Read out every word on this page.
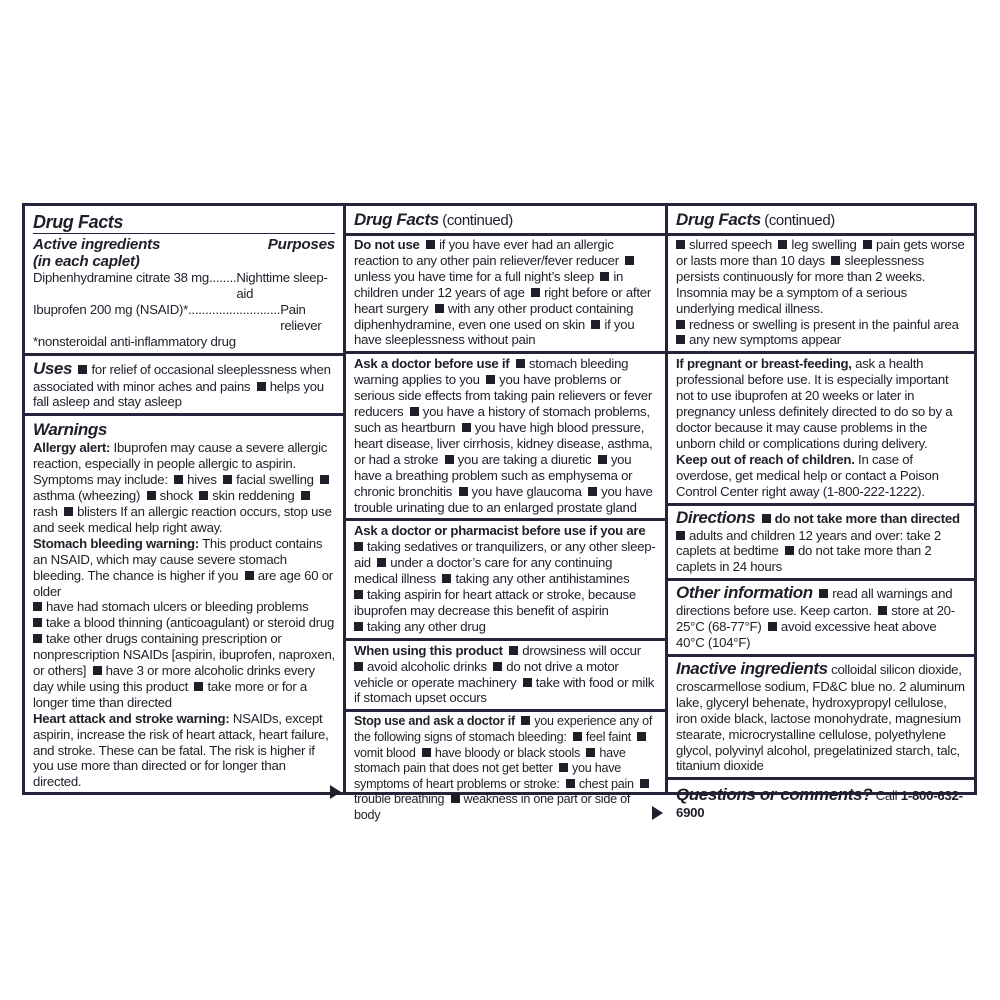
Drug Facts
Active ingredients	Purposes
(in each caplet)
Diphenhydramine citrate 38 mg........ Nighttime sleep-aid
Ibuprofen 200 mg (NSAID)*........................... Pain reliever
*nonsteroidal anti-inflammatory drug
Uses for relief of occasional sleeplessness when associated with minor aches and pains helps you fall asleep and stay asleep
Warnings

Allergy alert: Ibuprofen may cause a severe allergic reaction, especially in people allergic to aspirin. Symptoms may include: hives facial swelling asthma (wheezing) shock skin reddening rash blisters If an allergic reaction occurs, stop use and seek medical help right away.

Stomach bleeding warning: This product contains an NSAID, which may cause severe stomach bleeding. The chance is higher if you are age 60 or older
have had stomach ulcers or bleeding problems
take a blood thinning (anticoagulant) or steroid drug
take other drugs containing prescription or nonprescription NSAIDs [aspirin, ibuprofen, naproxen, or others] have 3 or more alcoholic drinks every day while using this product take more or for a longer time than directed

Heart attack and stroke warning: NSAIDs, except aspirin, increase the risk of heart attack, heart failure, and stroke. These can be fatal. The risk is higher if you use more than directed or for longer than directed.

Drug Facts (continued)
Do not use if you have ever had an allergic reaction to any other pain reliever/fever reducer unless you have time for a full night’s sleep in children under 12 years of age right before or after heart surgery with any other product containing diphenhydramine, even one used on skin if you have sleeplessness without pain
Ask a doctor before use if stomach bleeding warning applies to you you have problems or serious side effects from taking pain relievers or fever reducers you have a history of stomach problems, such as heartburn you have high blood pressure, heart disease, liver cirrhosis, kidney disease, asthma, or had a stroke you are taking a diuretic you have a breathing problem such as emphysema or chronic bronchitis you have glaucoma you have trouble urinating due to an enlarged prostate gland
Ask a doctor or pharmacist before use if you are
taking sedatives or tranquilizers, or any other sleep-aid under a doctor’s care for any continuing medical illness taking any other antihistamines
taking aspirin for heart attack or stroke, because ibuprofen may decrease this benefit of aspirin
taking any other drug
When using this product drowsiness will occur
avoid alcoholic drinks do not drive a motor vehicle or operate machinery take with food or milk if stomach upset occurs
Stop use and ask a doctor if you experience any of the following signs of stomach bleeding: feel faint vomit blood have bloody or black stools have stomach pain that does not get better you have symptoms of heart problems or stroke: chest pain trouble breathing weakness in one part or side of body
Drug Facts (continued)
slurred speech leg swelling pain gets worse or lasts more than 10 days sleeplessness persists continuously for more than 2 weeks. Insomnia may be a symptom of a serious underlying medical illness.
redness or swelling is present in the painful area
any new symptoms appear

If pregnant or breast-feeding, ask a health professional before use. It is especially important not to use ibuprofen at 20 weeks or later in pregnancy unless definitely directed to do so by a doctor because it may cause problems in the unborn child or complications during delivery.

Keep out of reach of children. In case of overdose, get medical help or contact a Poison Control Center right away (1-800-222-1222).

Directions do not take more than directed
adults and children 12 years and over: take 2 caplets at bedtime do not take more than 2 caplets in 24 hours
Other information read all warnings and directions before use. Keep carton. store at 20-25°C (68-77°F) avoid excessive heat above 40°C (104°F)
Inactive ingredients colloidal silicon dioxide, croscarmellose sodium, FD&C blue no. 2 aluminum lake, glyceryl behenate, hydroxypropyl cellulose, iron oxide black, lactose monohydrate, magnesium stearate, microcrystalline cellulose, polyethylene glycol, polyvinyl alcohol, pregelatinized starch, talc, titanium dioxide
Questions or comments? Call 1-800-632-6900
